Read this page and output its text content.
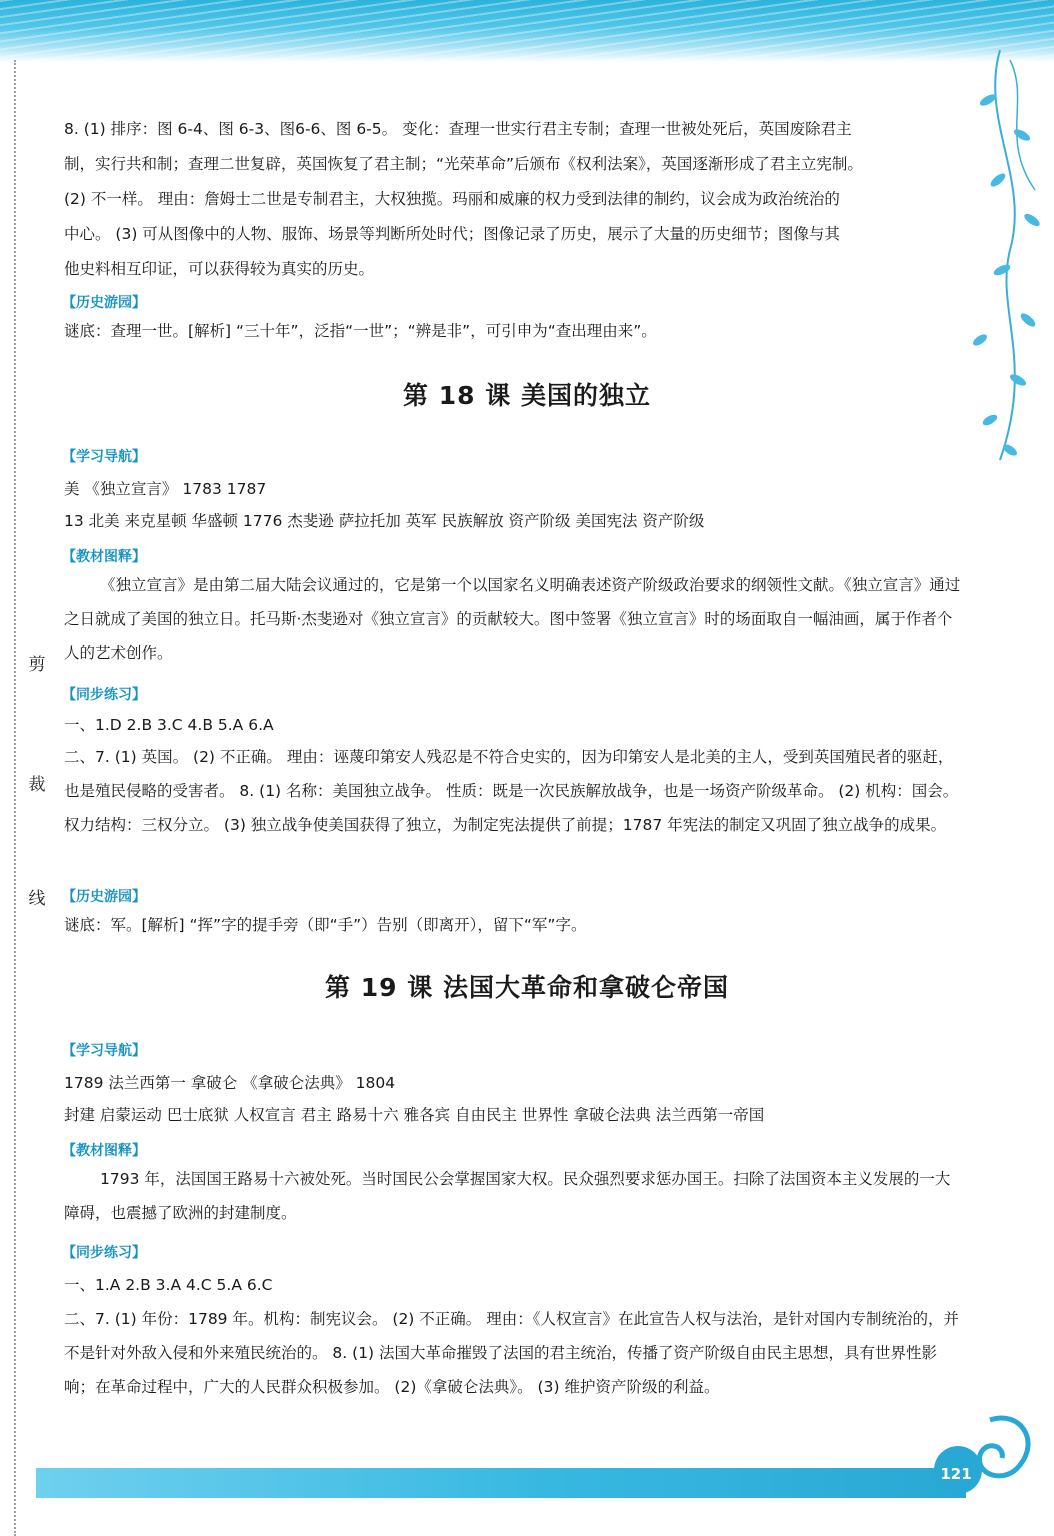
剪
裁
线
8. (1) 排序：图 6-4、图 6-3、图6-6、图 6-5。 变化：查理一世实行君主专制；查理一世被处死后，英国废除君主
制，实行共和制；查理二世复辟，英国恢复了君主制；“光荣革命”后颁布《权利法案》，英国逐渐形成了君主立宪制。
(2) 不一样。 理由：詹姆士二世是专制君主，大权独揽。玛丽和威廉的权力受到法律的制约，议会成为政治统治的
中心。 (3) 可从图像中的人物、服饰、场景等判断所处时代；图像记录了历史，展示了大量的历史细节；图像与其
他史料相互印证，可以获得较为真实的历史。
【历史游园】
谜底：查理一世。[解析] “三十年”，泛指“一世”；“辨是非”，可引申为“查出理由来”。
第 18 课 美国的独立
【学习导航】
美 《独立宣言》 1783 1787
13 北美 来克星顿 华盛顿 1776 杰斐逊 萨拉托加 英军 民族解放 资产阶级 美国宪法 资产阶级
【教材图释】
《独立宣言》是由第二届大陆会议通过的，它是第一个以国家名义明确表述资产阶级政治要求的纲领性文献。《独立宣言》通过之日就成了美国的独立日。托马斯·杰斐逊对《独立宣言》的贡献较大。图中签署《独立宣言》时的场面取自一幅油画，属于作者个人的艺术创作。
【同步练习】
一、1.D 2.B 3.C 4.B 5.A 6.A
二、7. (1) 英国。 (2) 不正确。 理由：诬蔑印第安人残忍是不符合史实的，因为印第安人是北美的主人，受到英国殖民者的驱赶，也是殖民侵略的受害者。 8. (1) 名称：美国独立战争。 性质：既是一次民族解放战争，也是一场资产阶级革命。 (2) 机构：国会。 权力结构：三权分立。 (3) 独立战争使美国获得了独立，为制定宪法提供了前提；1787 年宪法的制定又巩固了独立战争的成果。
【历史游园】
谜底：军。[解析] “挥”字的提手旁（即“手”）告别（即离开），留下“军”字。
第 19 课 法国大革命和拿破仑帝国
【学习导航】
1789 法兰西第一 拿破仑 《拿破仑法典》 1804
封建 启蒙运动 巴士底狱 人权宣言 君主 路易十六 雅各宾 自由民主 世界性 拿破仑法典 法兰西第一帝国
【教材图释】
1793 年，法国国王路易十六被处死。当时国民公会掌握国家大权。民众强烈要求惩办国王。扫除了法国资本主义发展的一大障碍，也震撼了欧洲的封建制度。
【同步练习】
一、1.A 2.B 3.A 4.C 5.A 6.C
二、7. (1) 年份：1789 年。机构：制宪议会。 (2) 不正确。 理由：《人权宣言》在此宣告人权与法治，是针对国内专制统治的，并不是针对外敌入侵和外来殖民统治的。 8. (1) 法国大革命摧毁了法国的君主统治，传播了资产阶级自由民主思想，具有世界性影响；在革命过程中，广大的人民群众积极参加。 (2)《拿破仑法典》。 (3) 维护资产阶级的利益。
121
